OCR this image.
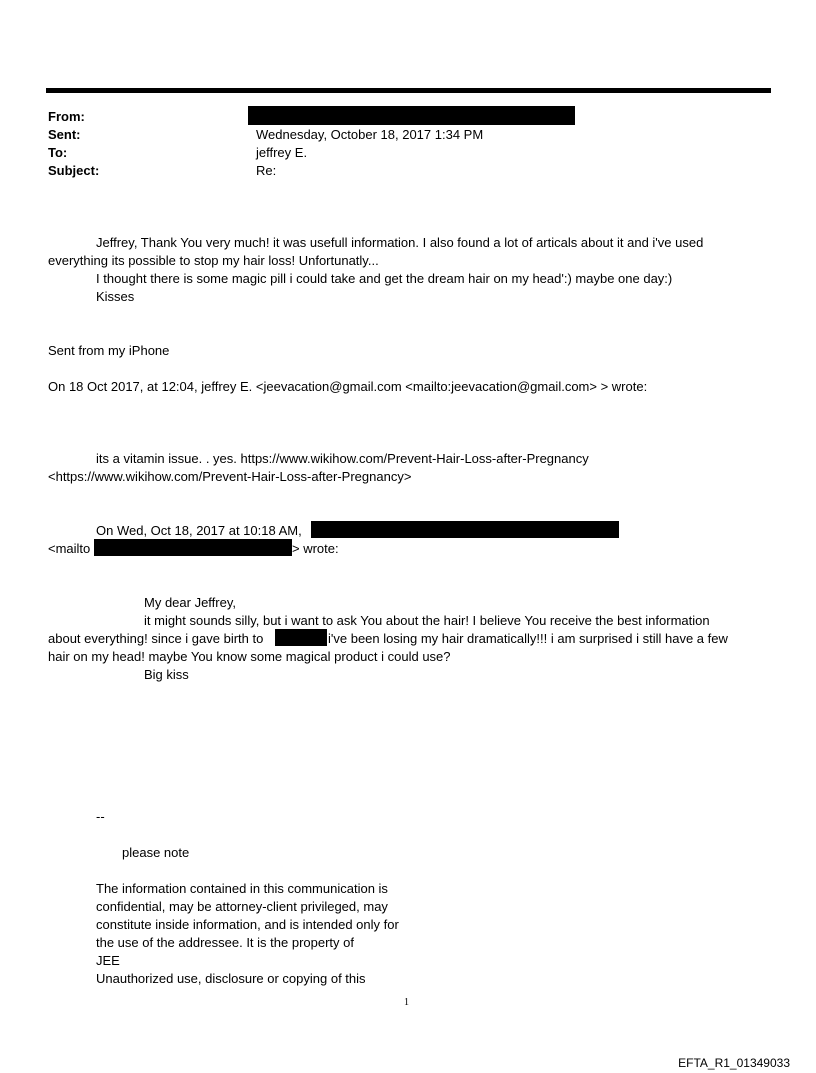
From:
Sent:	Wednesday, October 18, 2017 1:34 PM
To:	jeffrey E.
Subject:	Re:
Jeffrey, Thank You very much! it was usefull information. I also found a lot of articals about it and i've used
everything its possible to stop my hair loss! Unfortunatly...
I thought there is some magic pill i could take and get the dream hair on my head':) maybe one day:)
Kisses
Sent from my iPhone
On 18 Oct 2017, at 12:04, jeffrey E. <jeevacation@gmail.com <mailto:jeevacation@gmail.com> > wrote:
its a vitamin issue. . yes. https://www.wikihow.com/Prevent-Hair-Loss-after-Pregnancy
<https://www.wikihow.com/Prevent-Hair-Loss-after-Pregnancy>
On Wed, Oct 18, 2017 at 10:18 AM,
<mailto	> wrote:
My dear Jeffrey,
it might sounds silly, but i want to ask You about the hair! I believe You receive the best information
about everything! since i gave birth to	i've been losing my hair dramatically!!! i am surprised i still have a few
hair on my head! maybe You know some magical product i could use?
Big kiss
--
please note
The information contained in this communication is
confidential, may be attorney-client privileged, may
constitute inside information, and is intended only for
the use of the addressee. It is the property of
JEE
Unauthorized use, disclosure or copying of this
1
EFTA_R1_01349033
